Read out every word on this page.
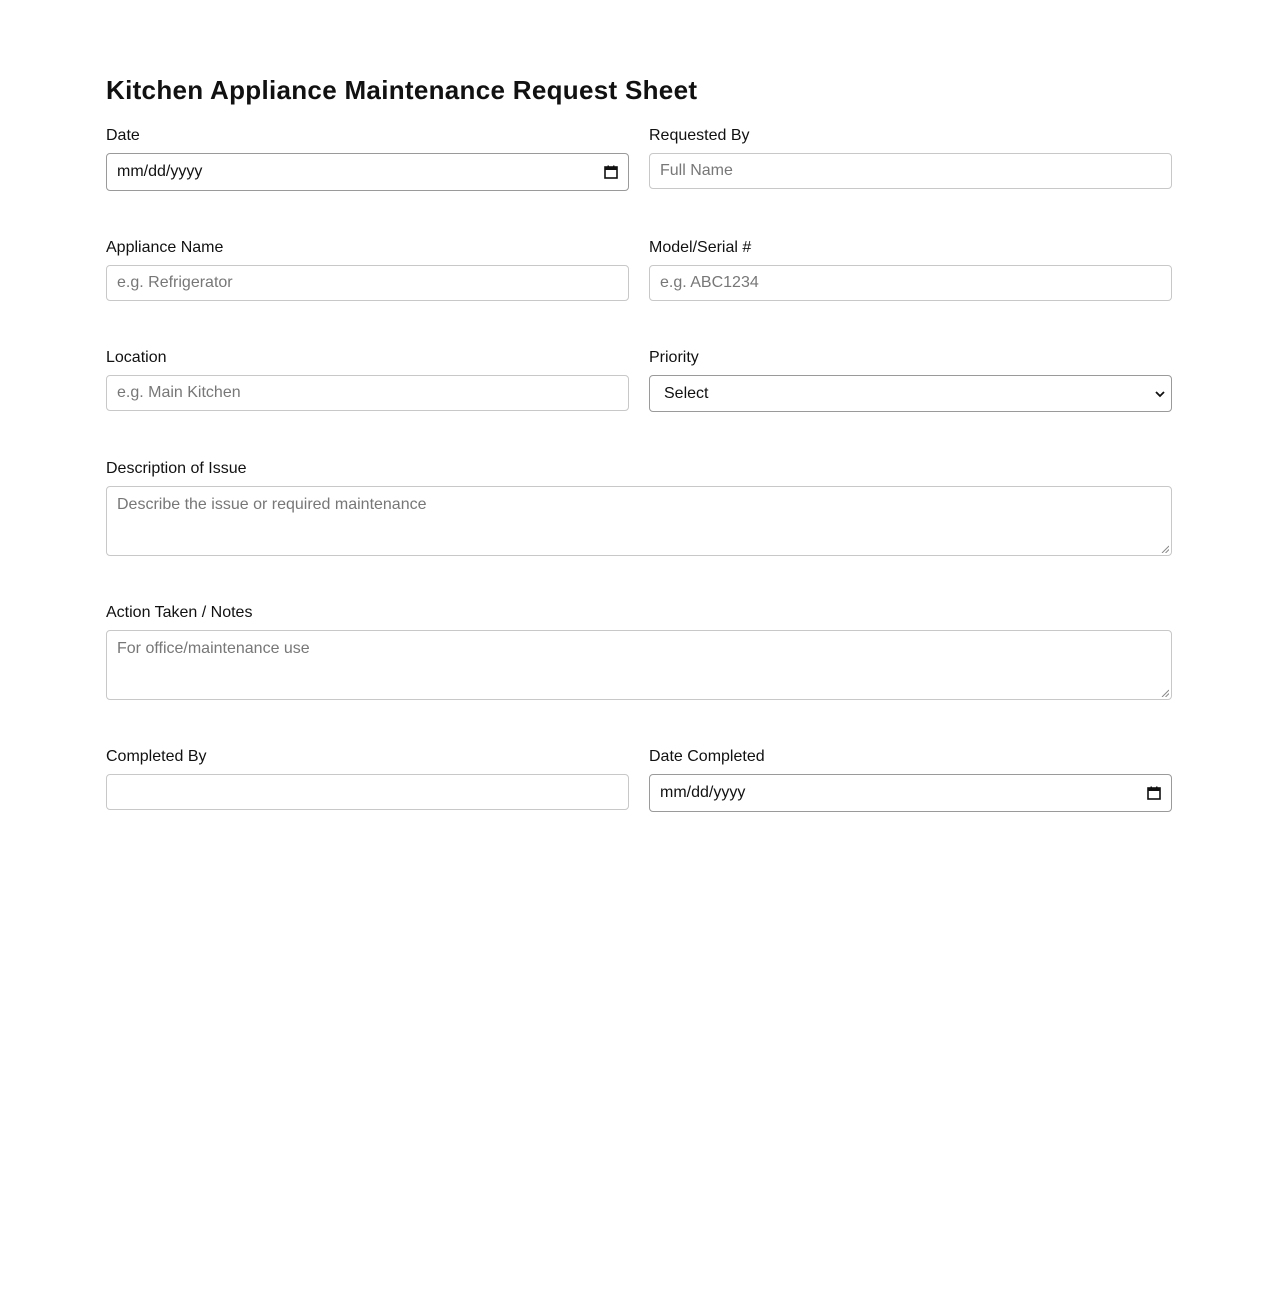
Kitchen Appliance Maintenance Request Sheet
Date
mm/dd/yyyy
Requested By
Full Name
Appliance Name
e.g. Refrigerator
Model/Serial #
e.g. ABC1234
Location
e.g. Main Kitchen
Priority
Select
Description of Issue
Describe the issue or required maintenance
Action Taken / Notes
For office/maintenance use
Completed By	Date Completed
mm/dd/yyyy
